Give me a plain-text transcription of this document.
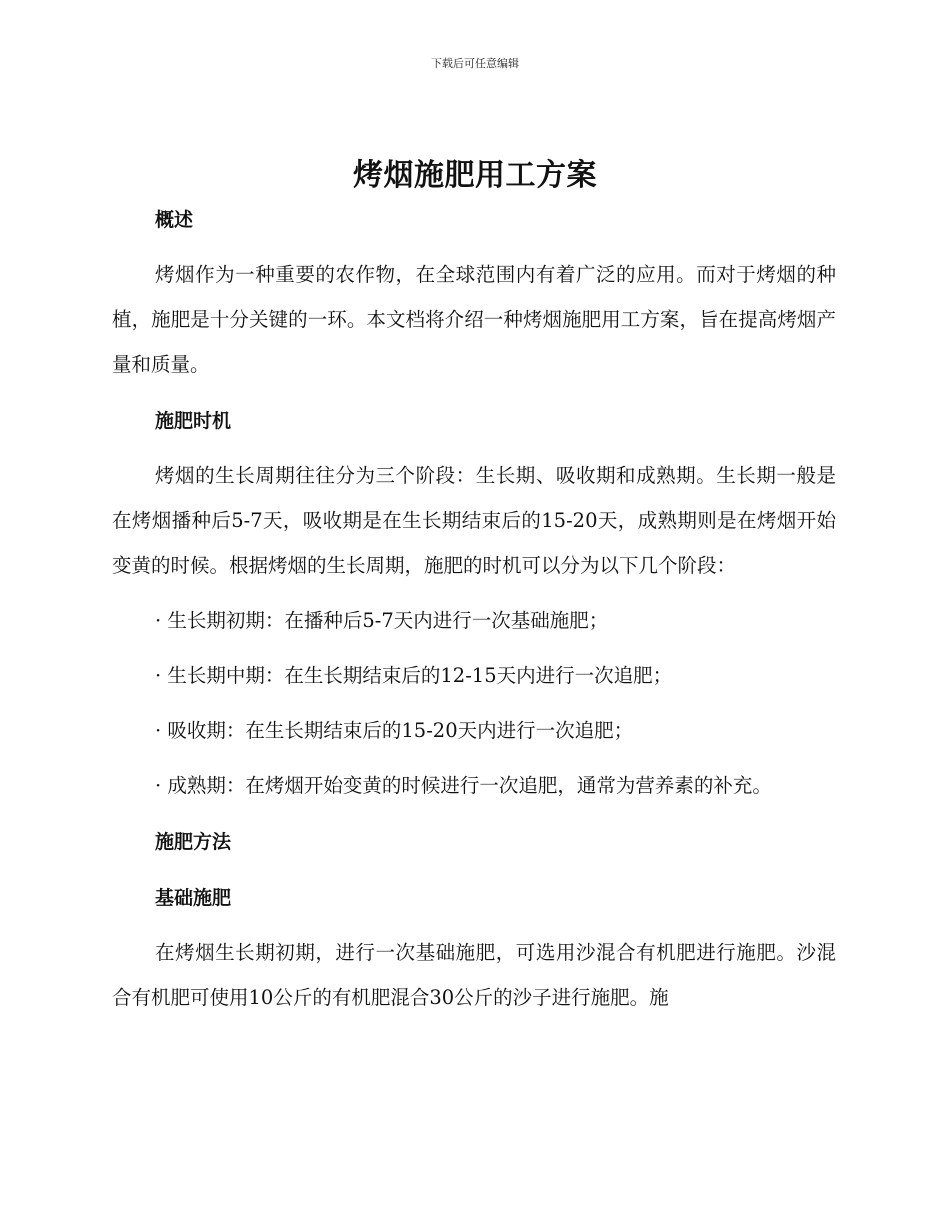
下载后可任意编辑
烤烟施肥用工方案

概述

烤烟作为一种重要的农作物，在全球范围内有着广泛的应用。而对于烤烟的种植，施肥是十分关键的一环。本文档将介绍一种烤烟施肥用工方案，旨在提高烤烟产量和质量。

施肥时机

烤烟的生长周期往往分为三个阶段：生长期、吸收期和成熟期。生长期一般是在烤烟播种后5-7天，吸收期是在生长期结束后的15-20天，成熟期则是在烤烟开始变黄的时候。根据烤烟的生长周期，施肥的时机可以分为以下几个阶段：

· 生长期初期：在播种后5-7天内进行一次基础施肥；

· 生长期中期：在生长期结束后的12-15天内进行一次追肥；

· 吸收期：在生长期结束后的15-20天内进行一次追肥；

· 成熟期：在烤烟开始变黄的时候进行一次追肥，通常为营养素的补充。

施肥方法

基础施肥

在烤烟生长期初期，进行一次基础施肥，可选用沙混合有机肥进行施肥。沙混合有机肥可使用10公斤的有机肥混合30公斤的沙子进行施肥。施
